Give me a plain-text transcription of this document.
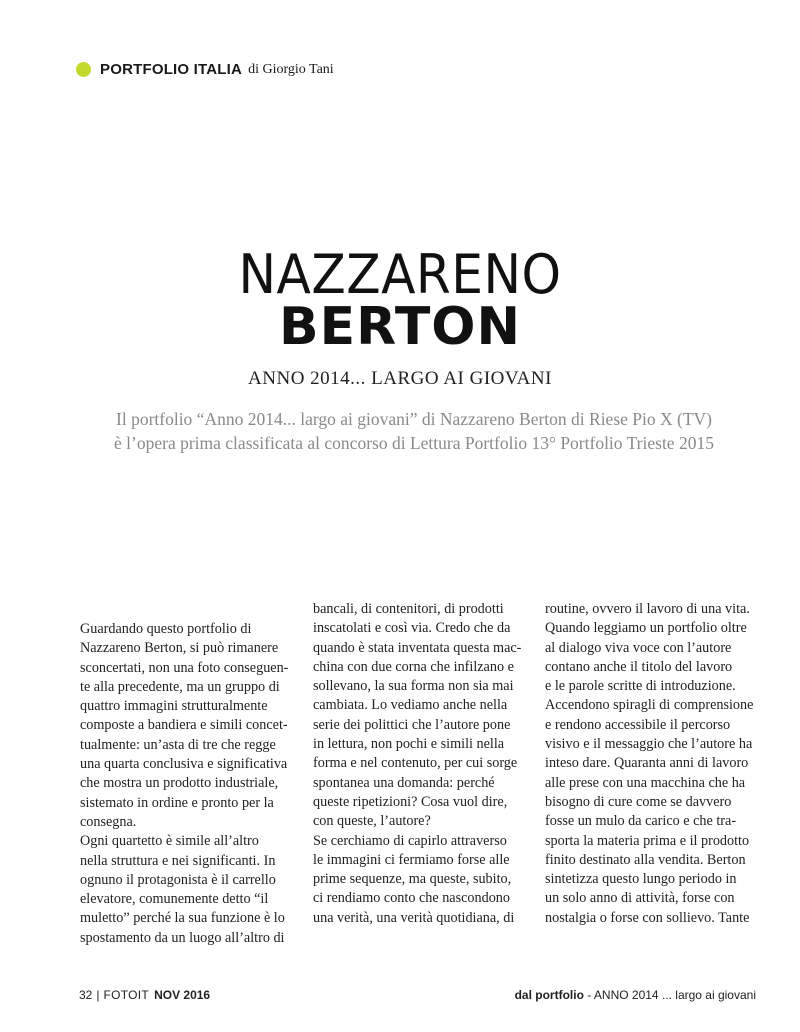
PORTFOLIO ITALIA di Giorgio Tani
NAZZARENO
BERTON
ANNO 2014... LARGO AI GIOVANI
Il portfolio “Anno 2014... largo ai giovani” di Nazzareno Berton di Riese Pio X (TV)
è l’opera prima classificata al concorso di Lettura Portfolio 13° Portfolio Trieste 2015
Guardando questo portfolio di
Nazzareno Berton, si può rimanere
sconcertati, non una foto conseguen-
te alla precedente, ma un gruppo di
quattro immagini strutturalmente
composte a bandiera e simili concet-
tualmente: un’asta di tre che regge
una quarta conclusiva e significativa
che mostra un prodotto industriale,
sistemato in ordine e pronto per la
consegna.
Ogni quartetto è simile all’altro
nella struttura e nei significanti. In
ognuno il protagonista è il carrello
elevatore, comunemente detto “il
muletto” perché la sua funzione è lo
spostamento da un luogo all’altro di
bancali, di contenitori, di prodotti
inscatolati e così via. Credo che da
quando è stata inventata questa mac-
china con due corna che infilzano e
sollevano, la sua forma non sia mai
cambiata. Lo vediamo anche nella
serie dei polittici che l’autore pone
in lettura, non pochi e simili nella
forma e nel contenuto, per cui sorge
spontanea una domanda: perché
queste ripetizioni? Cosa vuol dire,
con queste, l’autore?
Se cerchiamo di capirlo attraverso
le immagini ci fermiamo forse alle
prime sequenze, ma queste, subito,
ci rendiamo conto che nascondono
una verità, una verità quotidiana, di
routine, ovvero il lavoro di una vita.
Quando leggiamo un portfolio oltre
al dialogo viva voce con l’autore
contano anche il titolo del lavoro
e le parole scritte di introduzione.
Accendono spiragli di comprensione
e rendono accessibile il percorso
visivo e il messaggio che l’autore ha
inteso dare. Quaranta anni di lavoro
alle prese con una macchina che ha
bisogno di cure come se davvero
fosse un mulo da carico e che tra-
sporta la materia prima e il prodotto
finito destinato alla vendita. Berton
sintetizza questo lungo periodo in
un solo anno di attività, forse con
nostalgia o forse con sollievo. Tante
32 | FOTOIT NOV 2016	dal portfolio - ANNO 2014 ... largo ai giovani
